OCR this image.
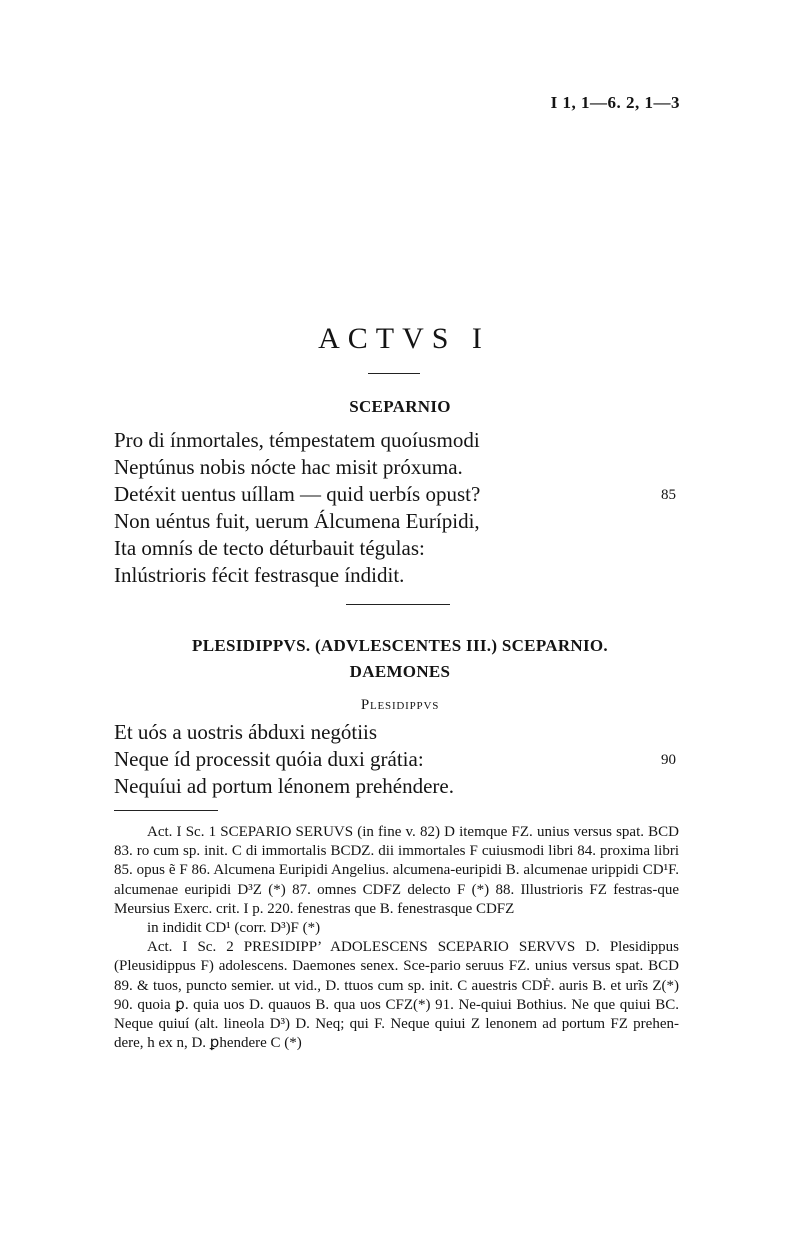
I 1, 1—6. 2, 1—3
ACTVS I
SCEPARNIO
Pro di ínmortales, témpestatem quoíusmodi
Neptúnus nobis nócte hac misit próxuma.
Detéxit uentus uíllam — quid uerbís opust?	85
Non uéntus fuit, uerum Álcumena Eurípidi,
Ita omnís de tecto déturbauit tégulas:
Inlústrioris fécit festrasque índidit.
PLESIDIPPVS. (ADVLESCENTES III.) SCEPARNIO.
DAEMONES
Plesidippvs
Et uós a uostris ábduxi negótiis
Neque íd processit quóia duxi grátia:	90
Nequíui ad portum lénonem prehéndere.

Act. I Sc. 1 SCEPARIO SERUVS (in fine v. 82) D itemque FZ. unius versus spat. BCD 83. ro cum sp. init. C di immortalis BCDZ. dii immortales F cuiusmodi libri 84. proxima libri 85. opus ẽ F 86. Alcumena Euripidi Angelius. alcumena-euripidi B. alcumenae urippidi CD¹F. alcumenae euripidi D³Z (*) 87. omnes CDFZ delecto F (*) 88. Illustrioris FZ festras-que Meursius Exerc. crit. I p. 220. fenestras que B. fenestrasque CDFZ

in indidit CD¹ (corr. D³)F (*)

Act. I Sc. 2 PRESIDIPP’ ADOLESCENS SCEPARIO SERVVS D. Plesidippus (Pleusidippus F) adolescens. Daemones senex. Sce-pario seruus FZ. unius versus spat. BCD 89. & tuos, puncto semier. ut vid., D. ttuos cum sp. init. C auestris CDḞ. auris B. et urĩs Z(*) 90. quoia ꝑ. quia uos D. quauos B. qua uos CFZ(*) 91. Ne-quiui Bothius. Ne que quiui BC. Neque quiuí (alt. lineola D³) D. Neq; qui F. Neque quiui Z lenonem ad portum FZ prehen-dere, h ex n, D. ꝑhendere C (*)
